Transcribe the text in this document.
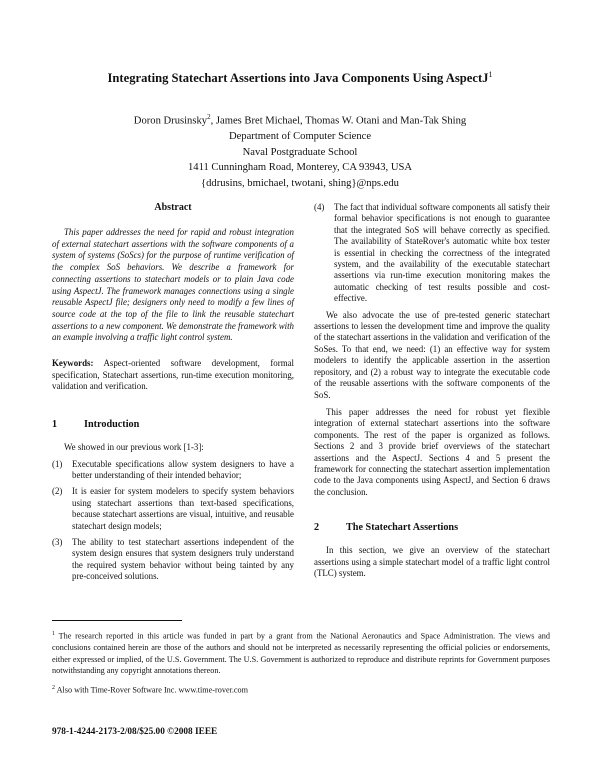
Integrating Statechart Assertions into Java Components Using AspectJ$^1$
Doron Drusinsky$^2$, James Bret Michael, Thomas W. Otani and Man-Tak Shing
Department of Computer Science
Naval Postgraduate School
1411 Cunningham Road, Monterey, CA 93943, USA
{ddrusins, bmichael, twotani, shing}@nps.edu
Abstract

This paper addresses the need for rapid and robust integration of external statechart assertions with the software components of a system of systems (SoScs) for the purpose of runtime verification of the complex SoS behaviors. We describe a framework for connecting assertions to statechart models or to plain Java code using AspectJ. The framework manages connections using a single reusable AspectJ file; designers only need to modify a few lines of source code at the top of the file to link the reusable statechart assertions to a new component. We demonstrate the framework with an example involving a traffic light control system.

Keywords: Aspect-oriented software development, formal specification, Statechart assertions, run-time execution monitoring, validation and verification.

1	Introduction

We showed in our previous work [1-3]:

(1)	Executable specifications allow system designers to have a better understanding of their intended behavior;
(2)	It is easier for system modelers to specify system behaviors using statechart assertions than text-based specifications, because statechart assertions are visual, intuitive, and reusable statechart design models;
(3)	The ability to test statechart assertions independent of the system design ensures that system designers truly understand the required system behavior without being tainted by any pre-conceived solutions.
(4)	The fact that individual software components all satisfy their formal behavior specifications is not enough to guarantee that the integrated SoS will behave correctly as specified. The availability of StateRover's automatic white box tester is essential in checking the correctness of the integrated system, and the availability of the executable statechart assertions via run-time execution monitoring makes the automatic checking of test results possible and cost-effective.

We also advocate the use of pre-tested generic statechart assertions to lessen the development time and improve the quality of the statechart assertions in the validation and verification of the SoSes. To that end, we need: (1) an effective way for system modelers to identify the applicable assertion in the assertion repository, and (2) a robust way to integrate the executable code of the reusable assertions with the software components of the SoS.

This paper addresses the need for robust yet flexible integration of external statechart assertions into the software components. The rest of the paper is organized as follows. Sections 2 and 3 provide brief overviews of the statechart assertions and the AspectJ. Sections 4 and 5 present the framework for connecting the statechart assertion implementation code to the Java components using AspectJ, and Section 6 draws the conclusion.

2	The Statechart Assertions

In this section, we give an overview of the statechart assertions using a simple statechart model of a traffic light control (TLC) system.

$^1$ The research reported in this article was funded in part by a grant from the National Aeronautics and Space Administration. The views and conclusions contained herein are those of the authors and should not be interpreted as necessarily representing the official policies or endorsements, either expressed or implied, of the U.S. Government. The U.S. Government is authorized to reproduce and distribute reprints for Government purposes notwithstanding any copyright annotations thereon.

$^2$ Also with Time-Rover Software Inc. www.time-rover.com

978-1-4244-2173-2/08/$25.00 ©2008 IEEE
